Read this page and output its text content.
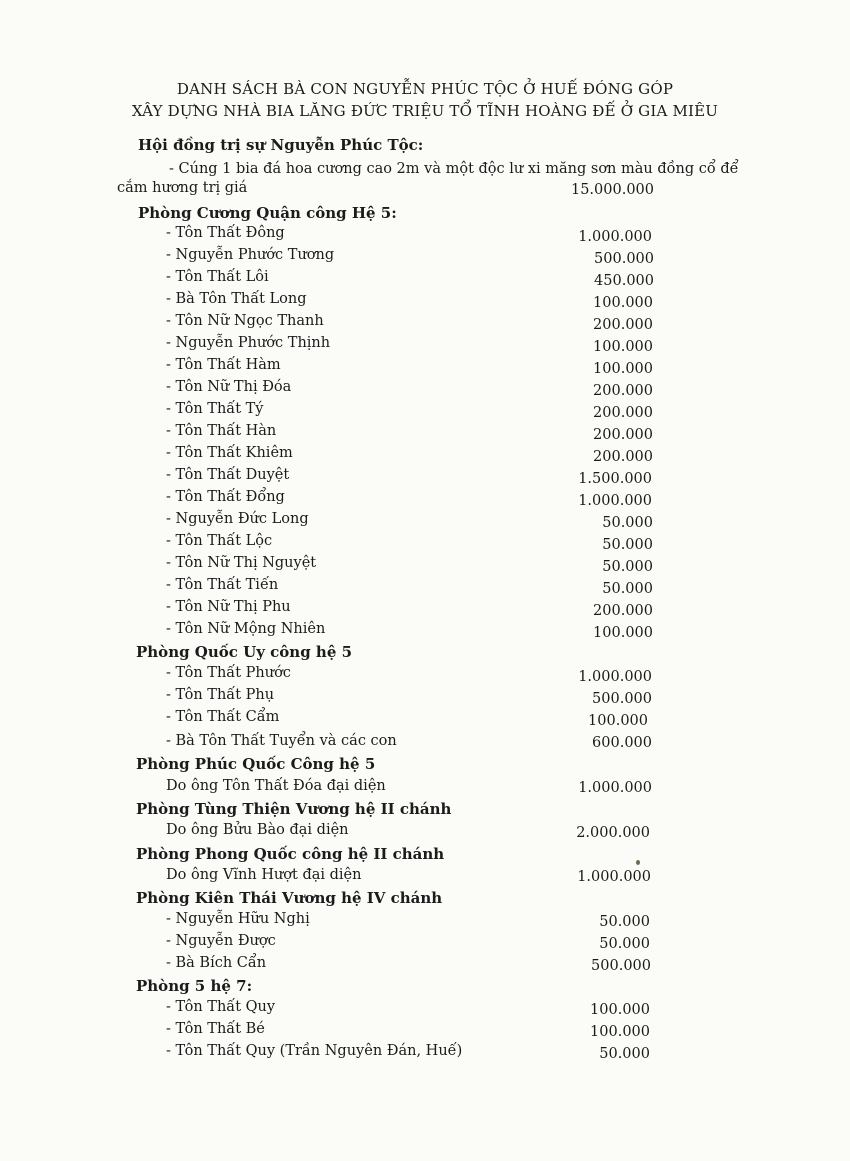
DANH SÁCH BÀ CON NGUYỄN PHÚC TỘC Ở HUẾ ĐÓNG GÓP
XÂY DỰNG NHÀ BIA LĂNG ĐỨC TRIỆU TỔ TĨNH HOÀNG ĐẾ Ở GIA MIÊU
Hội đồng trị sự Nguyễn Phúc Tộc:
- Cúng 1 bia đá hoa cương cao 2m và một độc lư xi măng sơn màu đồng cổ để
cắm hương trị giá	15.000.000
Phòng Cương Quận công Hệ 5:
- Tôn Thất Đông	1.000.000
- Nguyễn Phước Tương	500.000
- Tôn Thất Lôi	450.000
- Bà Tôn Thất Long	100.000
- Tôn Nữ Ngọc Thanh	200.000
- Nguyễn Phước Thịnh	100.000
- Tôn Thất Hàm	100.000
- Tôn Nữ Thị Đóa	200.000
- Tôn Thất Tý	200.000
- Tôn Thất Hàn	200.000
- Tôn Thất Khiêm	200.000
- Tôn Thất Duyệt	1.500.000
- Tôn Thất Đổng	1.000.000
- Nguyễn Đức Long	50.000
- Tôn Thất Lộc	50.000
- Tôn Nữ Thị Nguyệt	50.000
- Tôn Thất Tiến	50.000
- Tôn Nữ Thị Phu	200.000
- Tôn Nữ Mộng Nhiên	100.000
Phòng Quốc Uy công hệ 5
- Tôn Thất Phước	1.000.000
- Tôn Thất Phụ	500.000
- Tôn Thất Cẩm	100.000
- Bà Tôn Thất Tuyển và các con	600.000
Phòng Phúc Quốc Công hệ 5
Do ông Tôn Thất Đóa đại diện	1.000.000
Phòng Tùng Thiện Vương hệ II chánh
Do ông Bửu Bào đại diện	2.000.000
Phòng Phong Quốc công hệ II chánh
Do ông Vĩnh Hượt đại diện	1.000.000
Phòng Kiên Thái Vương hệ IV chánh
- Nguyễn Hữu Nghị	50.000
- Nguyễn Được	50.000
- Bà Bích Cẩn	500.000
Phòng 5 hệ 7:
- Tôn Thất Quy	100.000
- Tôn Thất Bé	100.000
- Tôn Thất Quy (Trần Nguyên Đán, Huế)	50.000
